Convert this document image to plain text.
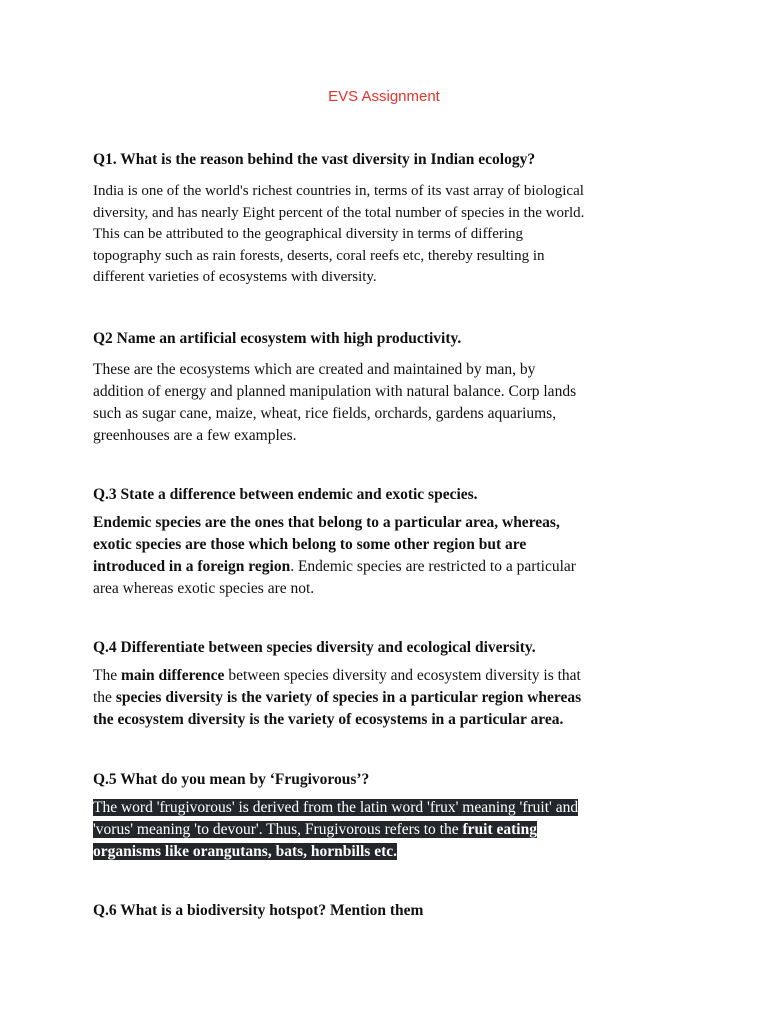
EVS Assignment
Q1. What is the reason behind the vast diversity in Indian ecology?
India is one of the world's richest countries in, terms of its vast array of biological
diversity, and has nearly Eight percent of the total number of species in the world.
This can be attributed to the geographical diversity in terms of differing
topography such as rain forests, deserts, coral reefs etc, thereby resulting in
different varieties of ecosystems with diversity.
Q2 Name an artificial ecosystem with high productivity.
These are the ecosystems which are created and maintained by man, by
addition of energy and planned manipulation with natural balance. Corp lands
such as sugar cane, maize, wheat, rice fields, orchards, gardens aquariums,
greenhouses are a few examples.
Q.3 State a difference between endemic and exotic species.
Endemic species are the ones that belong to a particular area, whereas,
exotic species are those which belong to some other region but are
introduced in a foreign region. Endemic species are restricted to a particular
area whereas exotic species are not.
Q.4 Differentiate between species diversity and ecological diversity.
The main difference between species diversity and ecosystem diversity is that
the species diversity is the variety of species in a particular region whereas
the ecosystem diversity is the variety of ecosystems in a particular area.
Q.5 What do you mean by ‘Frugivorous’?
The word 'frugivorous' is derived from the latin word 'frux' meaning 'fruit' and
'vorus' meaning 'to devour'. Thus, Frugivorous refers to the fruit eating
organisms like orangutans, bats, hornbills etc.
Q.6 What is a biodiversity hotspot? Mention them
